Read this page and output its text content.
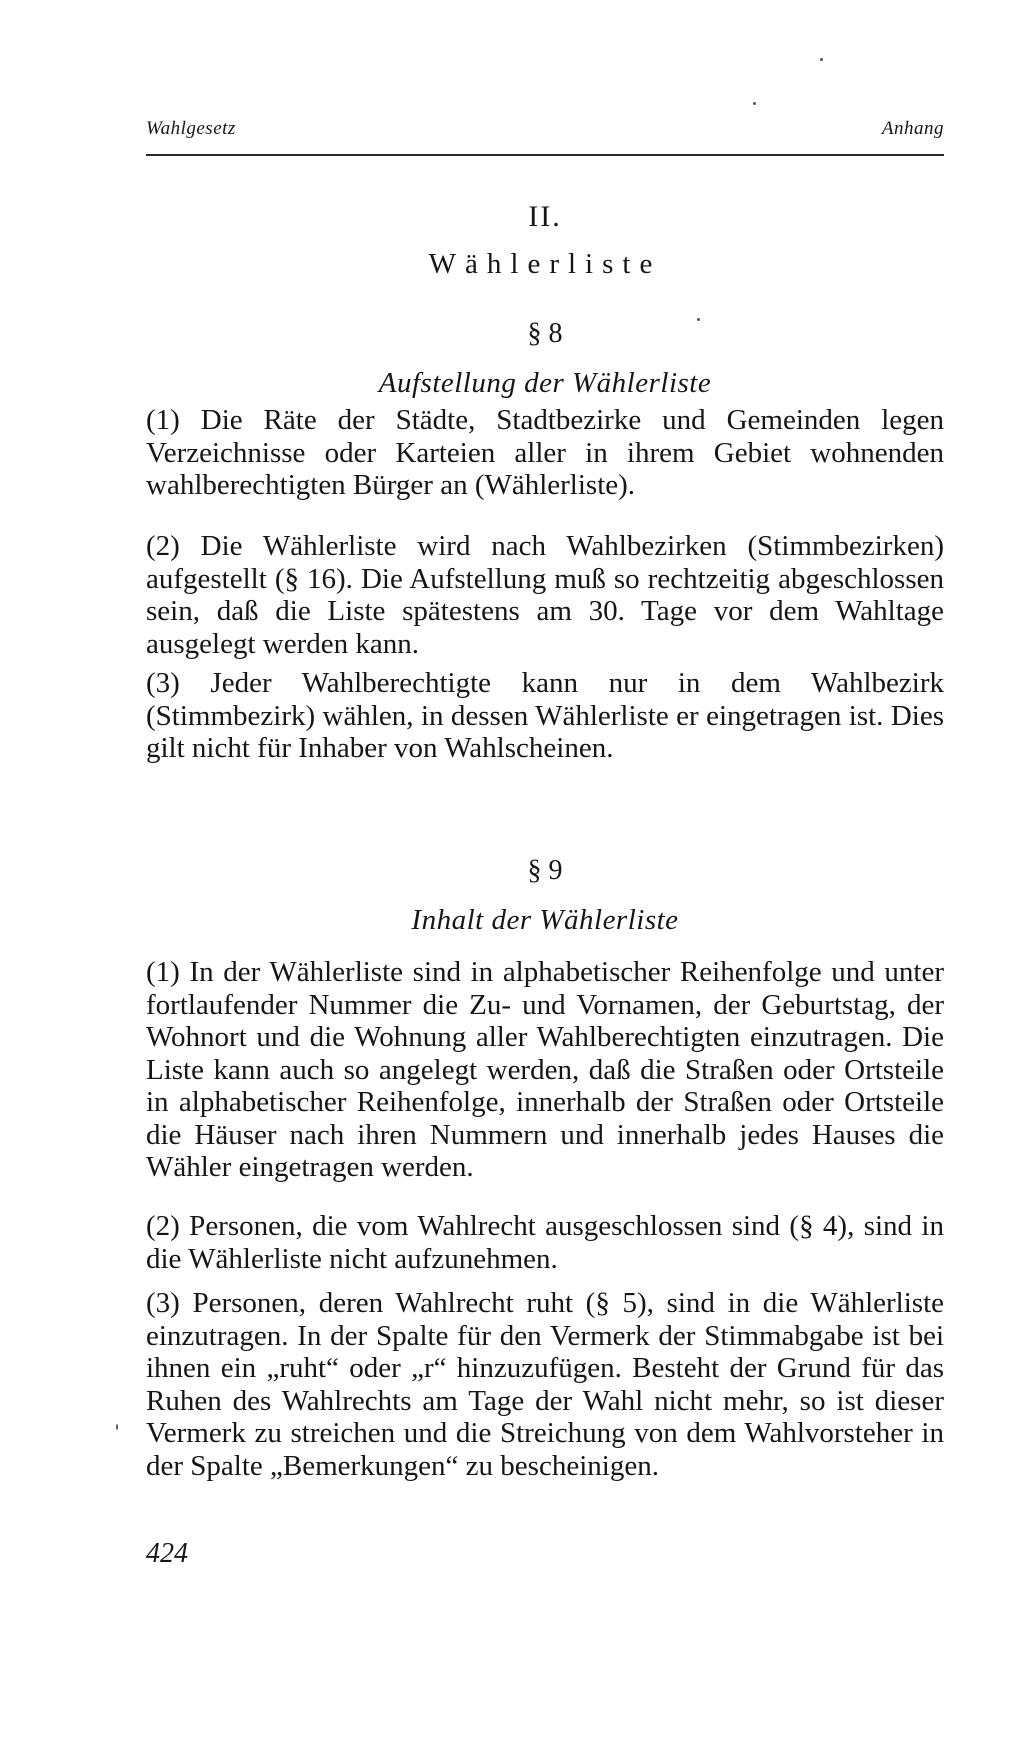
Wahlgesetz	Anhang
II.
Wählerliste
§ 8
Aufstellung der Wählerliste

(1) Die Räte der Städte, Stadtbezirke und Gemeinden legen Verzeichnisse oder Karteien aller in ihrem Gebiet wohnenden wahlberechtigten Bürger an (Wählerliste).

(2) Die Wählerliste wird nach Wahlbezirken (Stimmbezirken) aufgestellt (§ 16). Die Aufstellung muß so rechtzeitig abgeschlossen sein, daß die Liste spätestens am 30. Tage vor dem Wahltage ausgelegt werden kann.

(3) Jeder Wahlberechtigte kann nur in dem Wahlbezirk (Stimmbezirk) wählen, in dessen Wählerliste er eingetragen ist. Dies gilt nicht für Inhaber von Wahlscheinen.

§ 9
Inhalt der Wählerliste

(1) In der Wählerliste sind in alphabetischer Reihenfolge und unter fortlaufender Nummer die Zu- und Vornamen, der Geburtstag, der Wohnort und die Wohnung aller Wahlberechtigten einzutragen. Die Liste kann auch so angelegt werden, daß die Straßen oder Ortsteile in alphabetischer Reihenfolge, innerhalb der Straßen oder Ortsteile die Häuser nach ihren Nummern und innerhalb jedes Hauses die Wähler eingetragen werden.

(2) Personen, die vom Wahlrecht ausgeschlossen sind (§ 4), sind in die Wählerliste nicht aufzunehmen.

(3) Personen, deren Wahlrecht ruht (§ 5), sind in die Wählerliste einzutragen. In der Spalte für den Vermerk der Stimmabgabe ist bei ihnen ein „ruht“ oder „r“ hinzuzufügen. Besteht der Grund für das Ruhen des Wahlrechts am Tage der Wahl nicht mehr, so ist dieser Vermerk zu streichen und die Streichung von dem Wahlvorsteher in der Spalte „Bemerkungen“ zu bescheinigen.

424
